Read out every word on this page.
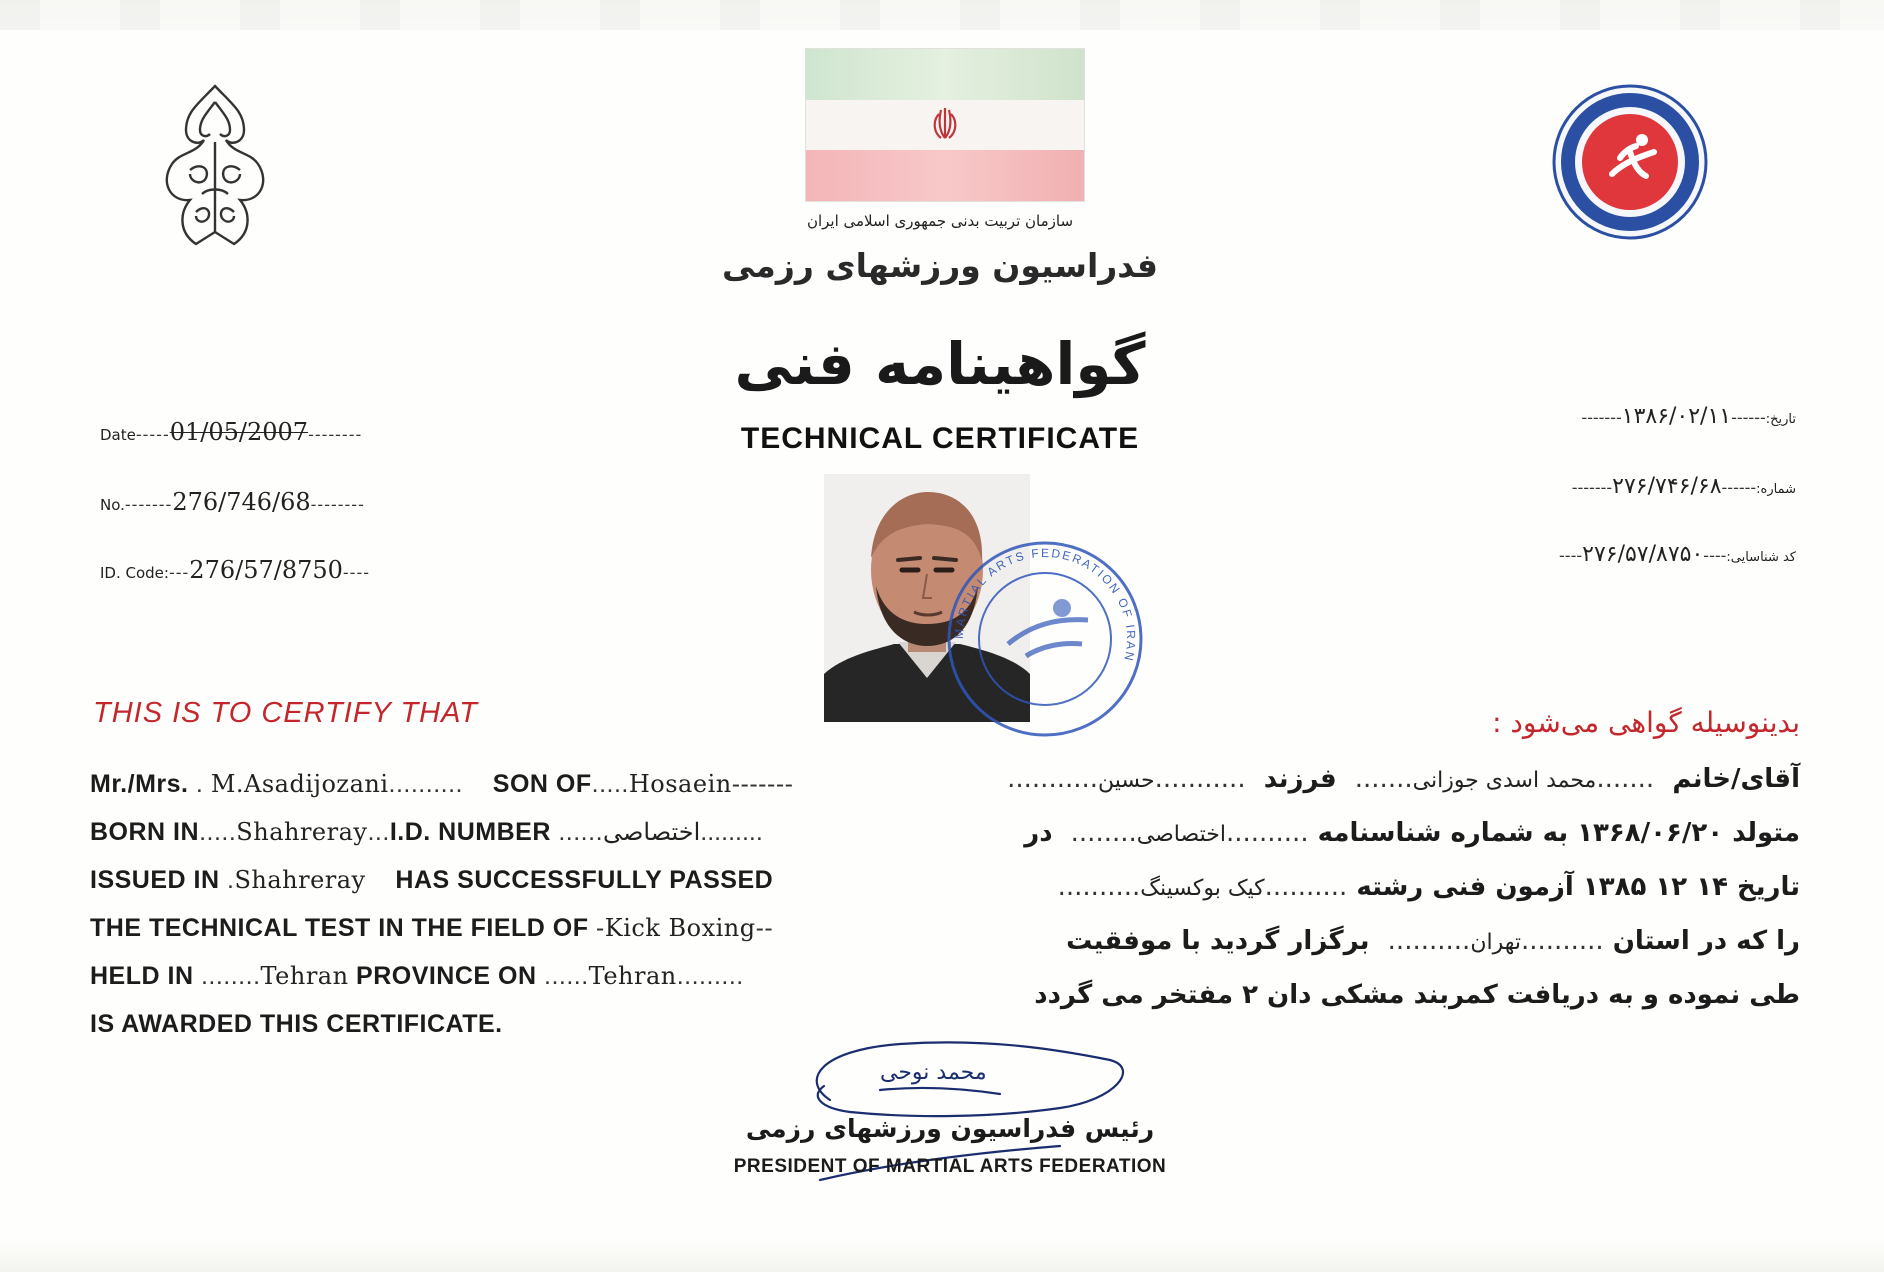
سازمان تربیت بدنی جمهوری اسلامی ایران
فدراسیون ورزشهای رزمی
گواهینامه فنی
TECHNICAL CERTIFICATE
Date-----01/05/2007--------
No.-------276/746/68--------
ID. Code:---276/57/8750----
تاریخ:------۱۳۸۶/۰۲/۱۱-------
شماره:------۲۷۶/۷۴۶/۶۸-------
کد شناسایی:----۲۷۶/۵۷/۸۷۵۰----
MARTIAL ARTS FEDERATION OF IRAN
THIS IS TO CERTIFY THAT	بدینوسیله گواهی می‌شود :
Mr./Mrs. . M.Asadijozani.......... SON OF.....Hosaein-------
BORN IN.....Shahreray...I.D. NUMBER ......اختصاصی.........
ISSUED IN .Shahreray HAS SUCCESSFULLY PASSED
THE TECHNICAL TEST IN THE FIELD OF -Kick Boxing--
HELD IN ........Tehran PROVINCE ON ......Tehran.........
IS AWARDED THIS CERTIFICATE.
آقای/خانم  .......محمد اسدی جوزانی.......  فرزند  ...........حسین...........
متولد ۱۳۶۸/۰۶/۲۰ به شماره شناسنامه ..........اختصاصی........  در
تاریخ ۱۴ ۱۲ ۱۳۸۵ آزمون فنی رشته ..........کیک بوکسینگ..........
را که در استان ..........تهران..........  برگزار گردید با موفقیت
طی نموده و به دریافت کمربند مشکی دان ۲ مفتخر می گردد
محمد نوحی
رئیس فدراسیون ورزشهای رزمی
PRESIDENT OF MARTIAL ARTS FEDERATION
